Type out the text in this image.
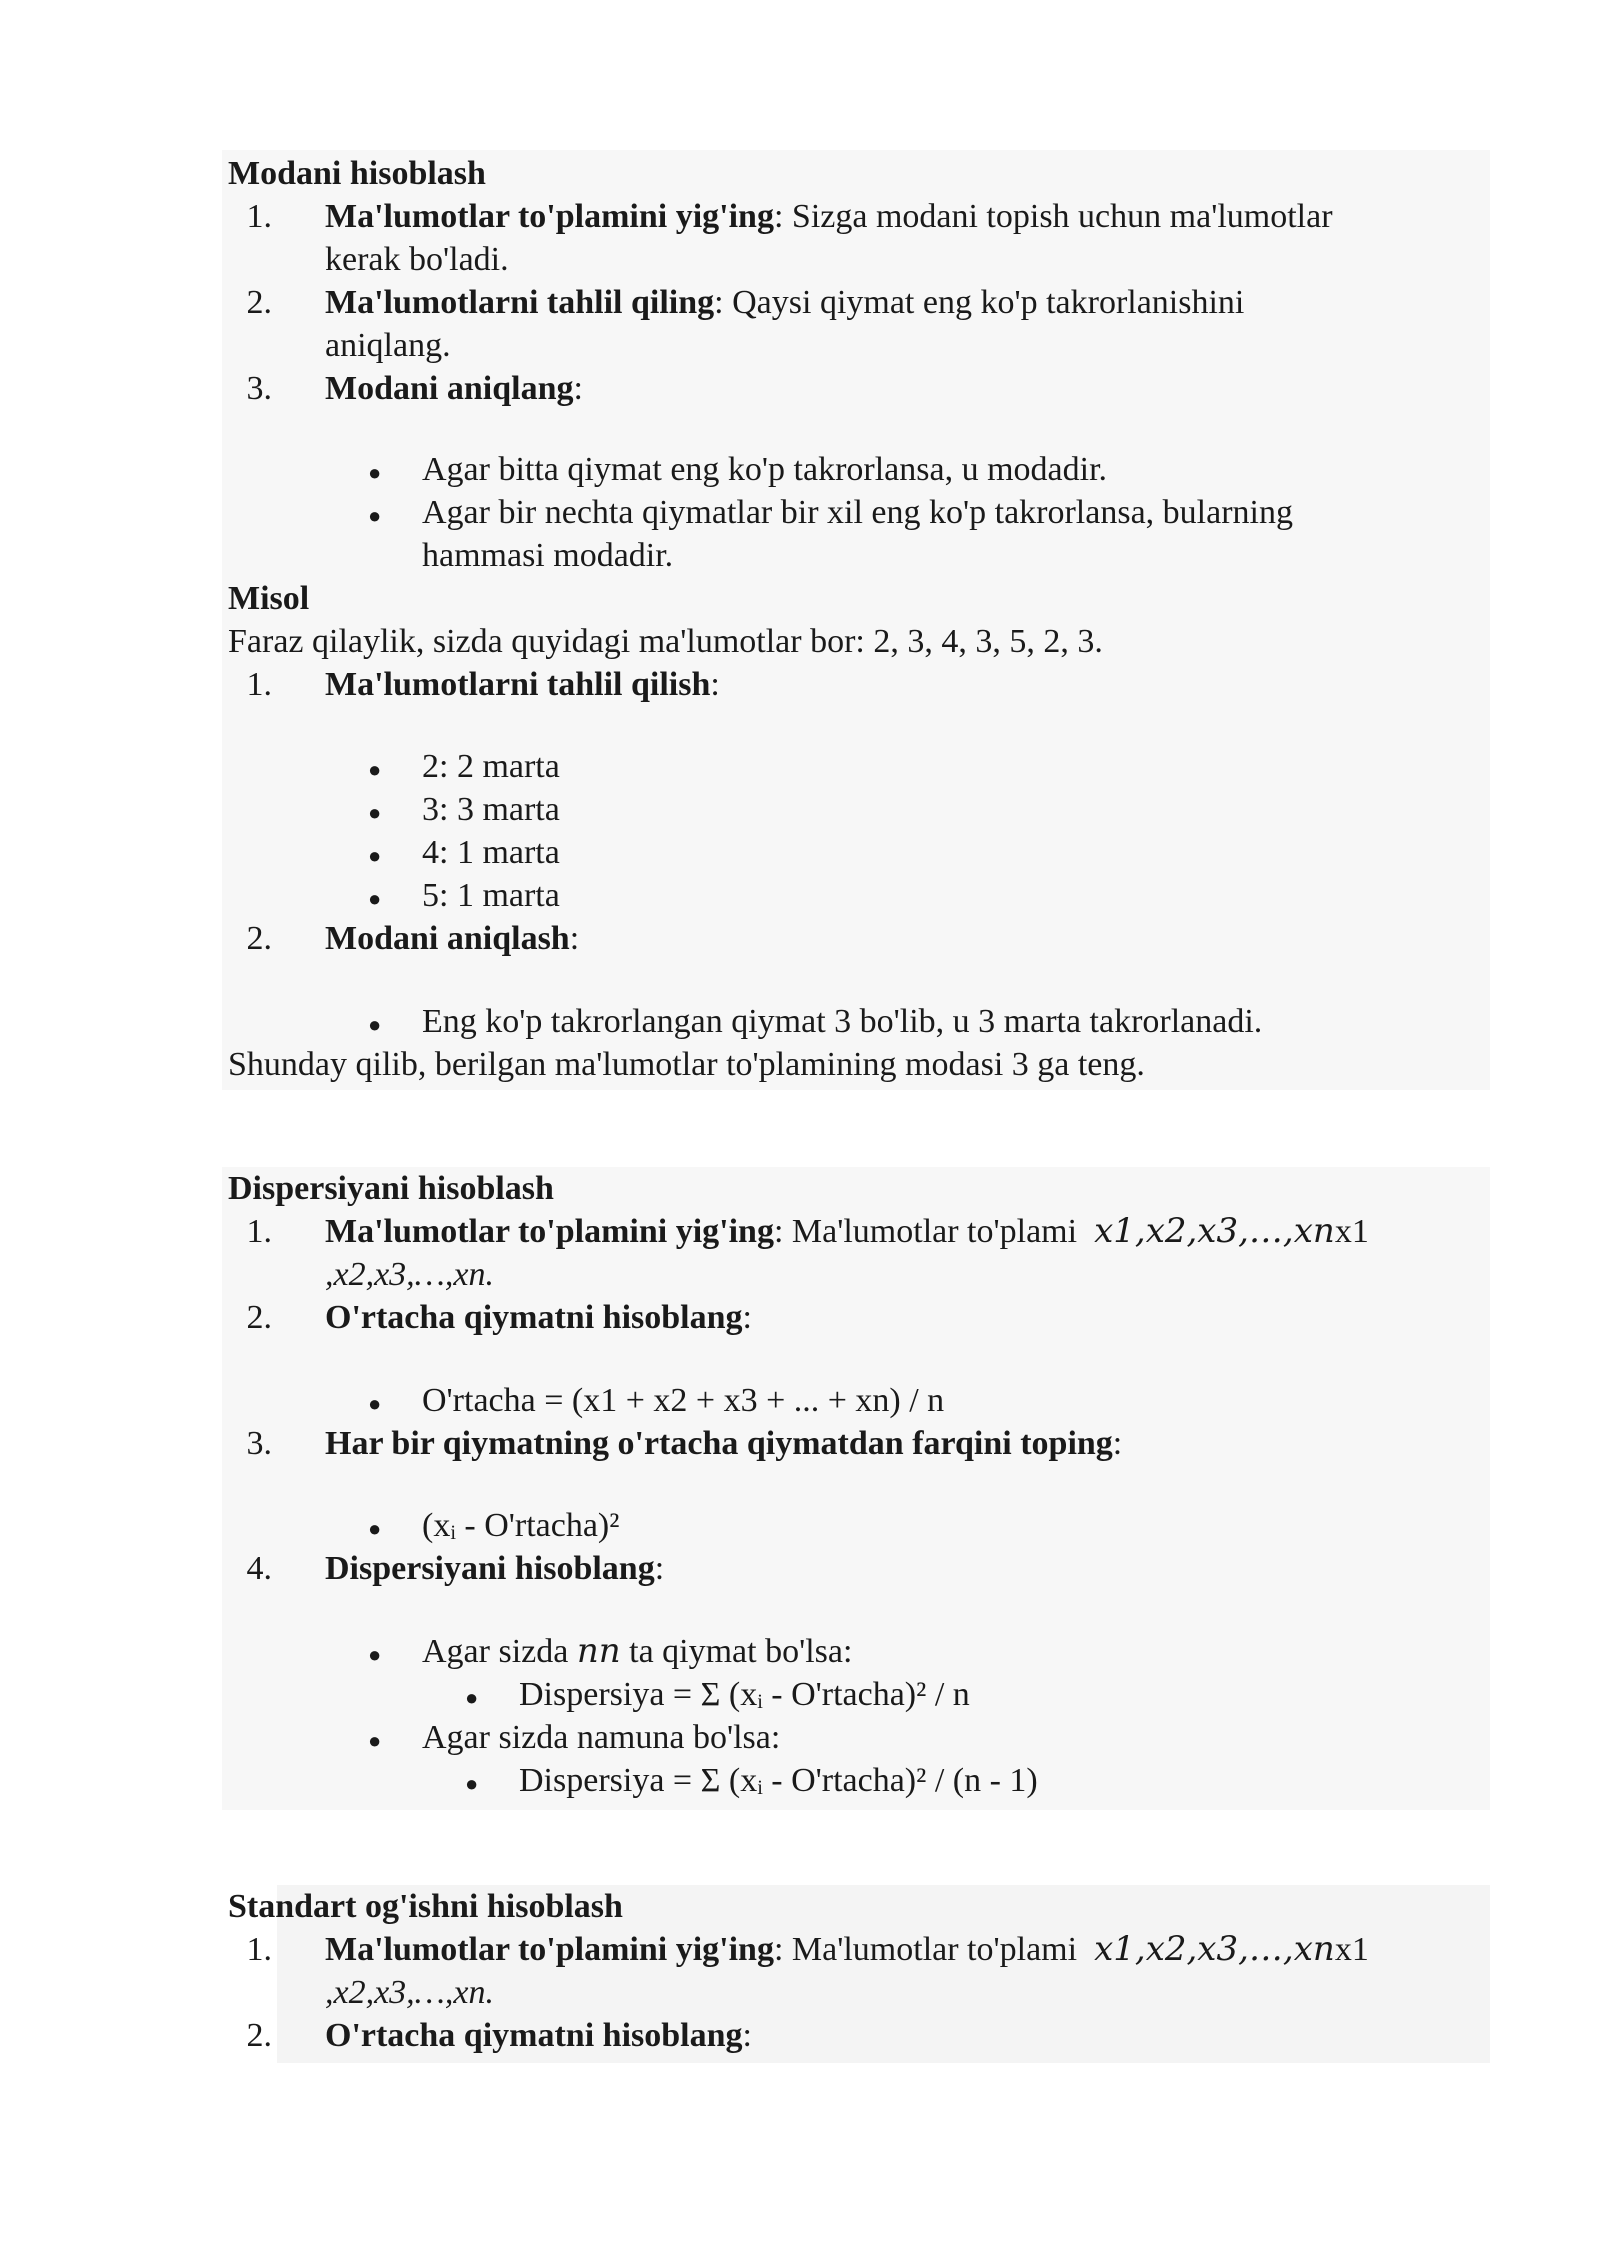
Modani hisoblash
1. Ma'lumotlar to'plamini yig'ing: Sizga modani topish uchun ma'lumotlar
kerak bo'ladi.
2. Ma'lumotlarni tahlil qiling: Qaysi qiymat eng ko'p takrorlanishini
aniqlang.
3. Modani aniqlang:
● Agar bitta qiymat eng ko'p takrorlansa, u modadir.
● Agar bir nechta qiymatlar bir xil eng ko'p takrorlansa, bularning
hammasi modadir.
Misol
Faraz qilaylik, sizda quyidagi ma'lumotlar bor: 2, 3, 4, 3, 5, 2, 3.
1. Ma'lumotlarni tahlil qilish:
● 2: 2 marta
● 3: 3 marta
● 4: 1 marta
● 5: 1 marta
2. Modani aniqlash:
● Eng ko'p takrorlangan qiymat 3 bo'lib, u 3 marta takrorlanadi.
Shunday qilib, berilgan ma'lumotlar to'plamining modasi 3 ga teng.
Dispersiyani hisoblash
1. Ma'lumotlar to'plamini yig'ing: Ma'lumotlar to'plami x1,x2,x3,…,xnx1
,x2,x3,…,xn.
2. O'rtacha qiymatni hisoblang:
● O'rtacha = (x1 + x2 + x3 + ... + xn) / n
3. Har bir qiymatning o'rtacha qiymatdan farqini toping:
● (xᵢ - O'rtacha)²
4. Dispersiyani hisoblang:
● Agar sizda nn ta qiymat bo'lsa:
● Dispersiya = Σ (xᵢ - O'rtacha)² / n
● Agar sizda namuna bo'lsa:
● Dispersiya = Σ (xᵢ - O'rtacha)² / (n - 1)
Standart og'ishni hisoblash
1. Ma'lumotlar to'plamini yig'ing: Ma'lumotlar to'plami x1,x2,x3,…,xnx1
,x2,x3,…,xn.
2. O'rtacha qiymatni hisoblang:
